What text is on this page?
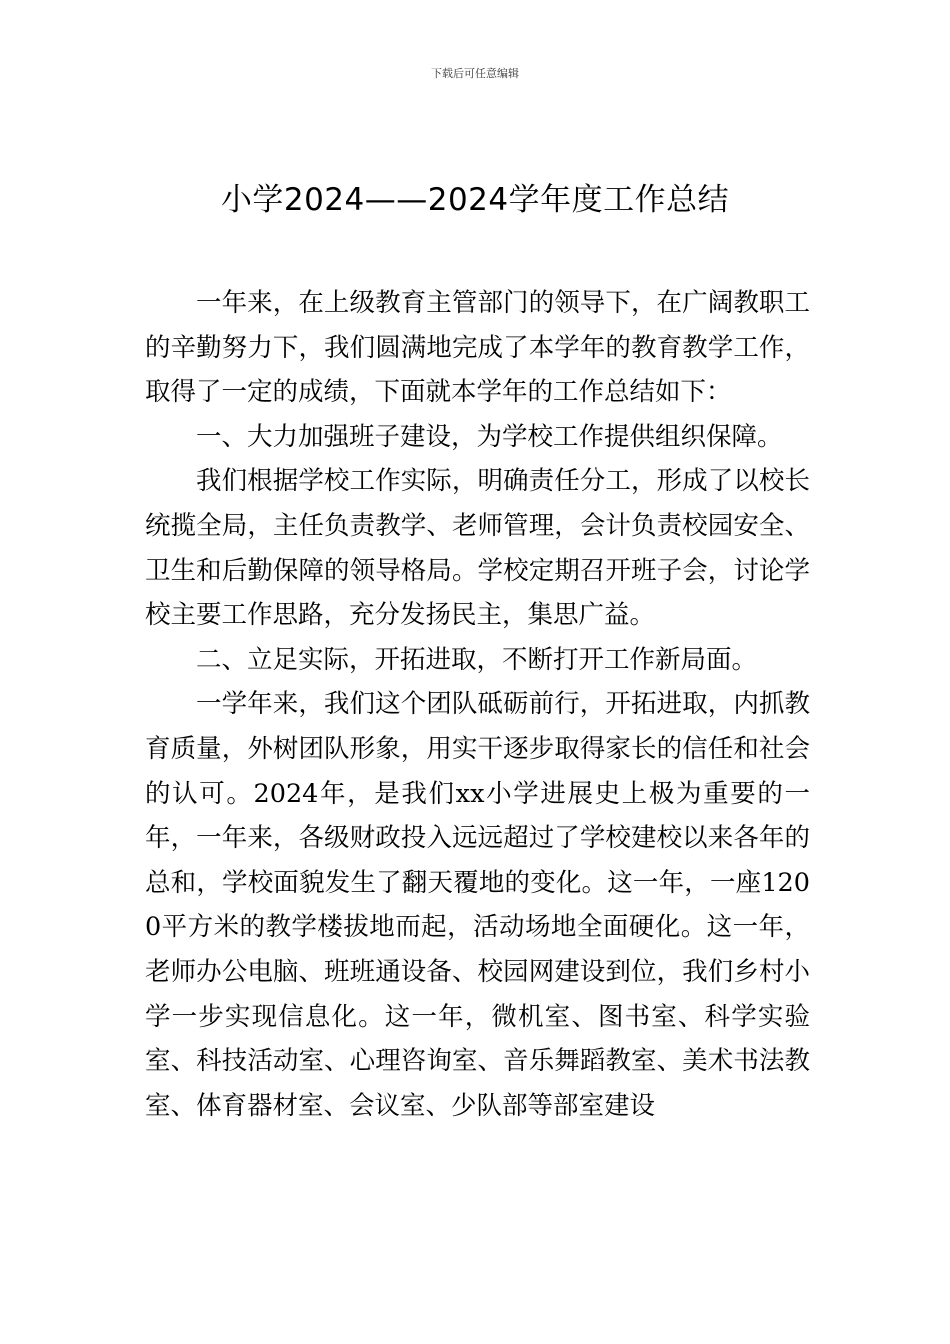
下载后可任意编辑
小学2024——2024学年度工作总结

一年来，在上级教育主管部门的领导下，在广阔教职工的辛勤努力下，我们圆满地完成了本学年的教育教学工作，取得了一定的成绩，下面就本学年的工作总结如下：

一、大力加强班子建设，为学校工作提供组织保障。

我们根据学校工作实际，明确责任分工，形成了以校长统揽全局，主任负责教学、老师管理，会计负责校园安全、卫生和后勤保障的领导格局。学校定期召开班子会，讨论学校主要工作思路，充分发扬民主，集思广益。

二、立足实际，开拓进取，不断打开工作新局面。

一学年来，我们这个团队砥砺前行，开拓进取，内抓教育质量，外树团队形象，用实干逐步取得家长的信任和社会的认可。2024年，是我们xx小学进展史上极为重要的一年，一年来，各级财政投入远远超过了学校建校以来各年的总和，学校面貌发生了翻天覆地的变化。这一年，一座1200平方米的教学楼拔地而起，活动场地全面硬化。这一年，老师办公电脑、班班通设备、校园网建设到位，我们乡村小学一步实现信息化。这一年，微机室、图书室、科学实验室、科技活动室、心理咨询室、音乐舞蹈教室、美术书法教室、体育器材室、会议室、少队部等部室建设
